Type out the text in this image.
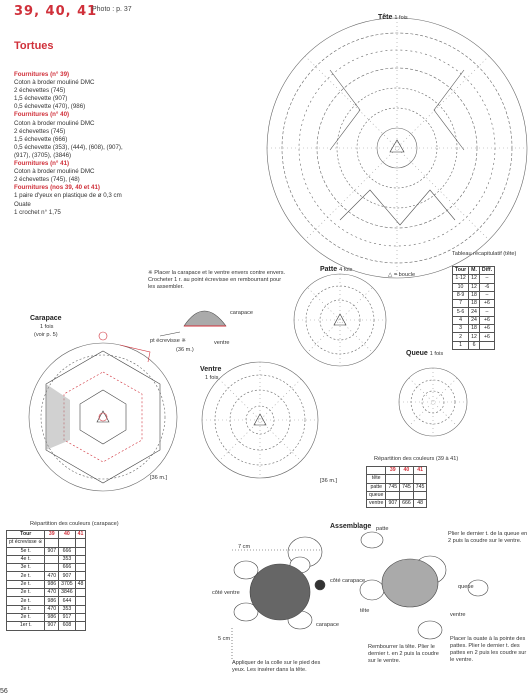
39, 40, 41
Photo : p. 37
Tortues
Fournitures (n° 39)
Coton à broder mouliné DMC
2 échevettes (745)
1,5 échevette (907)
0,5 échevette (470), (986)
Fournitures (n° 40)
Coton à broder mouliné DMC
2 échevettes (745)
1,5 échevette (666)
0,5 échevette (353), (444), (608), (907),
(917), (3705), (3846)
Fournitures (n° 41)
Coton à broder mouliné DMC
2 échevettes (745), (48)
Fournitures (nos 39, 40 et 41)
1 paire d'yeux en plastique de ø 0,3 cm
Ouate
1 crochet n° 1,75
Tête 1 fois
Patte 4 fois
△ = boucle
Queue 1 fois
Carapace
1 fois
(voir p. 5)
[36 m.]
Ventre
1 fois
[36 m.]
※ Placer la carapace et le ventre envers contre envers. Crocheter 1 r. au point écrevisse en rembourrant pour les assembler.
carapace
ventre
pt écrevisse ※
(36 m.)
Tableau récapitulatif (tête)
Tour	M.	Diff.
1·12	12	–
10	12	-6
8·9	18	–
7	18	+6
5·6	24	–
4	24	+6
3	18	+6
2	12	+6
1	6	
Répartition des couleurs (39 à 41)
	39	40	41
tête			
patte	745	745	745
queue			
ventre	907	666	48
Répartition des couleurs (carapace)
Tour	39	40	41
pt écrevisse ※			
5e t.	907	666	
4e t.		353	
3e t.		666	
2e t.	470	907	
2e t.	986	3705	48
2e t.	470	3846	
2e t.	986	644	
2e t.	470	353	
2e t.	986	917	
1er t.	907	608	
Assemblage
7 cm
5 cm
côté ventre
côté carapace
carapace
patte
queue
tête
ventre
Appliquer de la colle sur le pied des yeux. Les insérer dans la tête.
Rembourrer la tête. Plier le dernier t. en 2 puis la coudre sur le ventre.
Plier le dernier t. de la queue en 2 puis la coudre sur le ventre.
Placer la ouate à la pointe des pattes. Plier le dernier t. des pattes en 2 puis les coudre sur le ventre.
56
